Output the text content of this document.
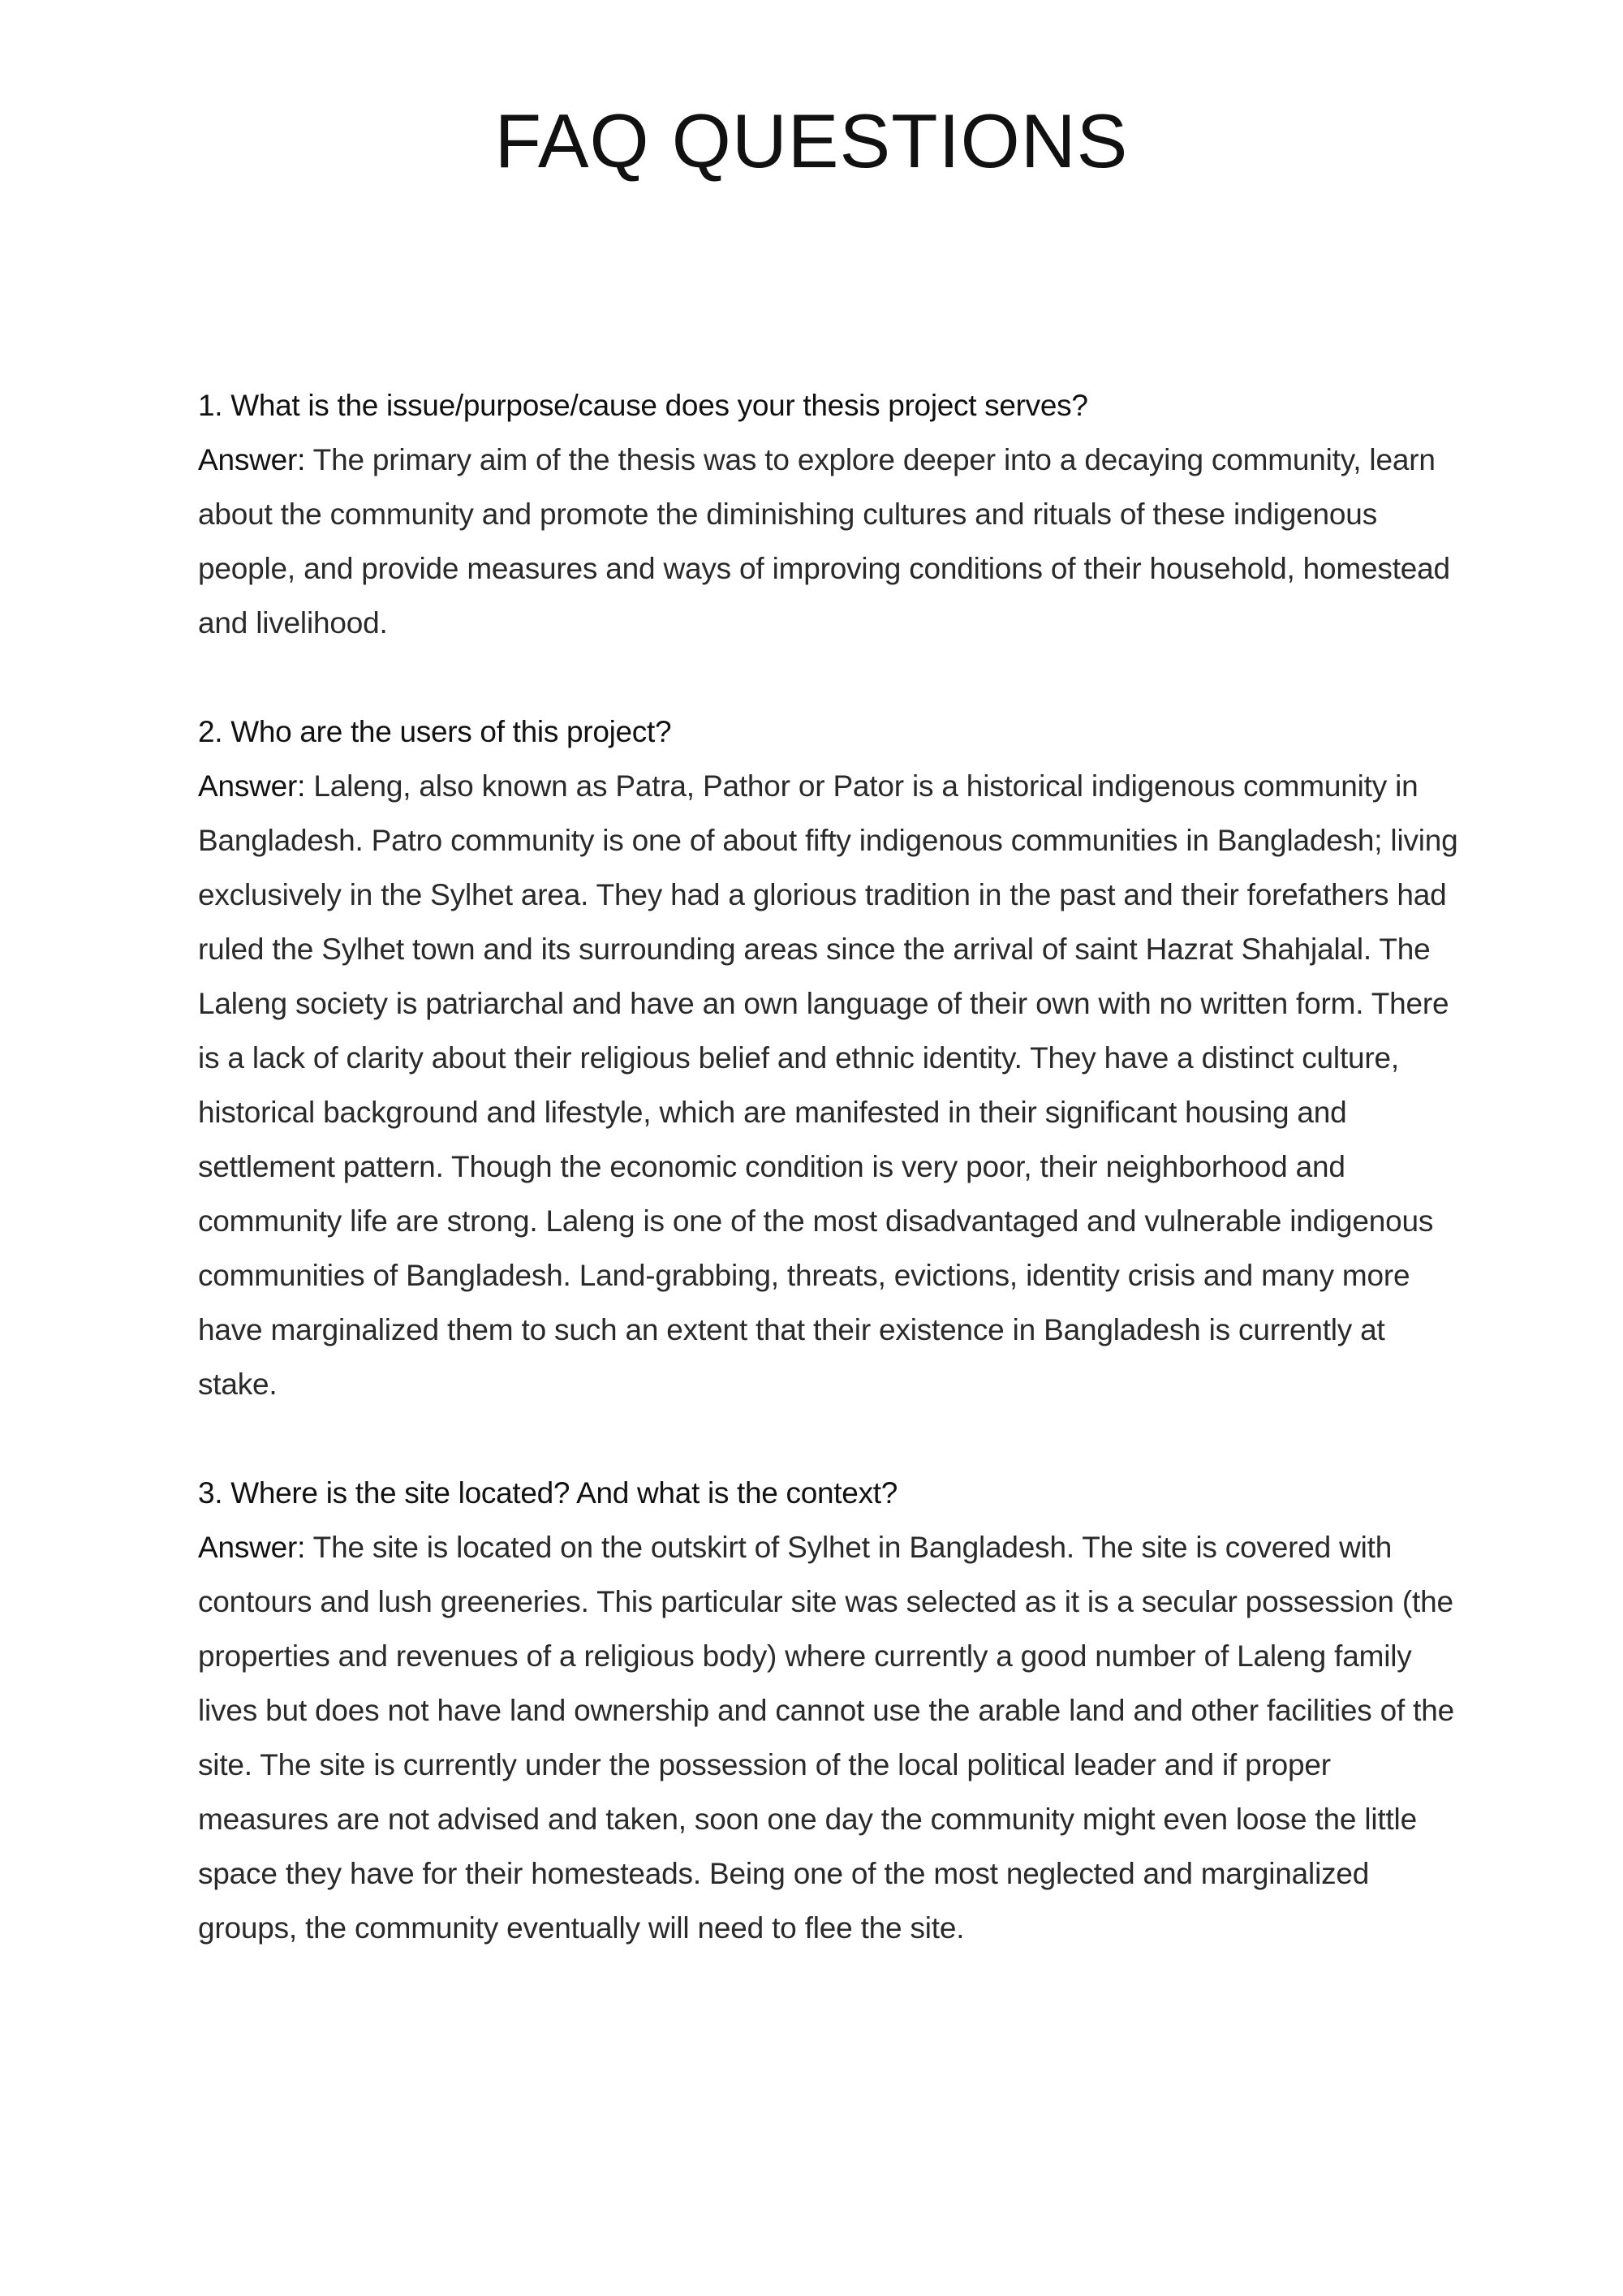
FAQ QUESTIONS

1. What is the issue/purpose/cause does your thesis project serves?

Answer: The primary aim of the thesis was to explore deeper into a decaying community, learn about the community and promote the diminishing cultures and rituals of these indigenous people, and provide measures and ways of improving conditions of their household, homestead and livelihood.

2. Who are the users of this project?

Answer: Laleng, also known as Patra, Pathor or Pator is a historical indigenous community in Bangladesh. Patro community is one of about fifty indigenous communities in Bangladesh; living exclusively in the Sylhet area. They had a glorious tradition in the past and their forefathers had ruled the Sylhet town and its surrounding areas since the arrival of saint Hazrat Shahjalal. The Laleng society is patriarchal and have an own language of their own with no written form. There is a lack of clarity about their religious belief and ethnic identity. They have a distinct culture, historical background and lifestyle, which are manifested in their significant housing and settlement pattern. Though the economic condition is very poor, their neighborhood and community life are strong. Laleng is one of the most disadvantaged and vulnerable indigenous communities of Bangladesh. Land-grabbing, threats, evictions, identity crisis and many more have marginalized them to such an extent that their existence in Bangladesh is currently at stake.

3. Where is the site located? And what is the context?

Answer: The site is located on the outskirt of Sylhet in Bangladesh. The site is covered with contours and lush greeneries. This particular site was selected as it is a secular possession (the properties and revenues of a religious body) where currently a good number of Laleng family lives but does not have land ownership and cannot use the arable land and other facilities of the site. The site is currently under the possession of the local political leader and if proper measures are not advised and taken, soon one day the community might even loose the little space they have for their homesteads. Being one of the most neglected and marginalized groups, the community eventually will need to flee the site.
